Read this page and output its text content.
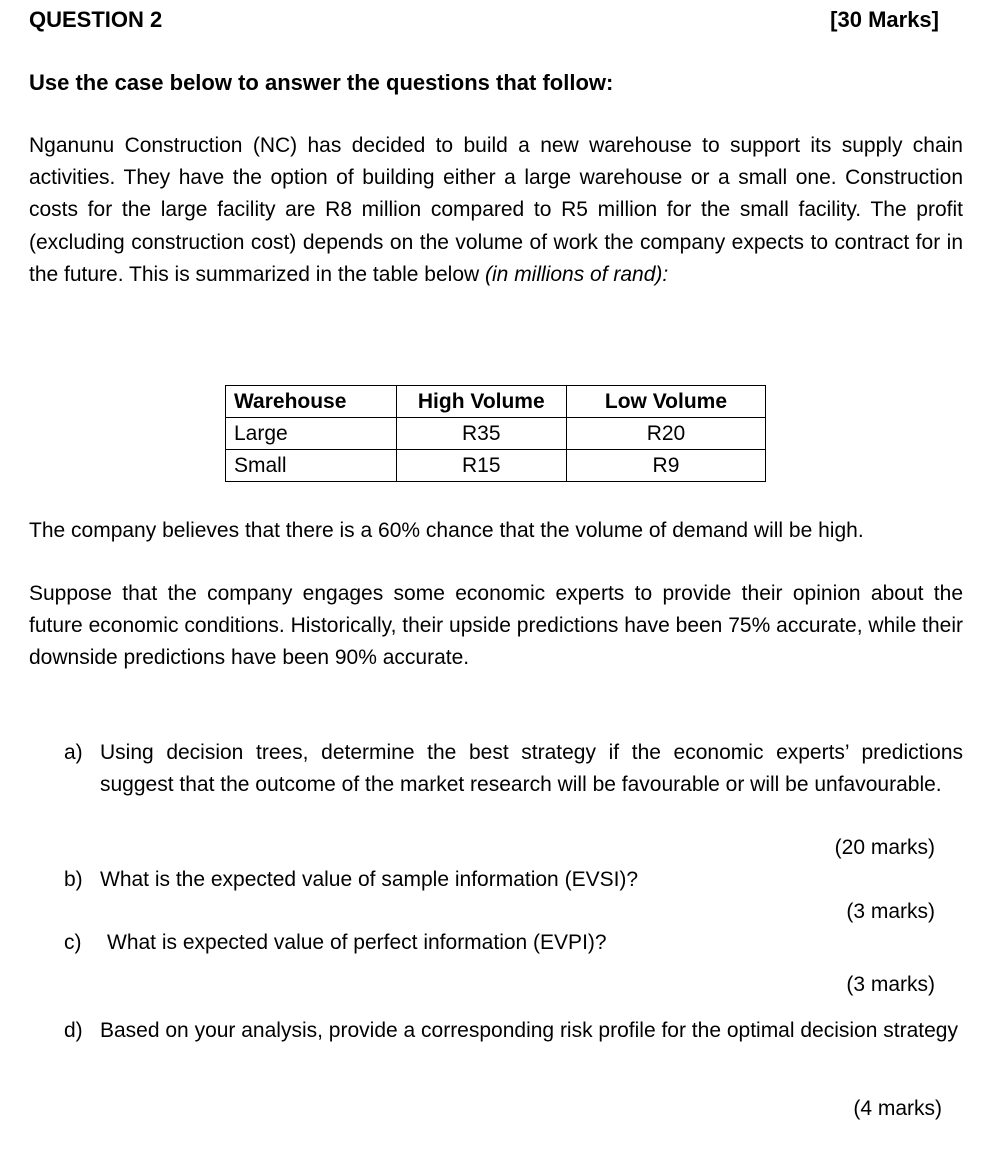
QUESTION 2	[30 Marks]
Use the case below to answer the questions that follow:
Nganunu Construction (NC) has decided to build a new warehouse to support its supply chain activities. They have the option of building either a large warehouse or a small one. Construction costs for the large facility are R8 million compared to R5 million for the small facility. The profit (excluding construction cost) depends on the volume of work the company expects to contract for in the future. This is summarized in the table below (in millions of rand):
Warehouse	High Volume	Low Volume
Large	R35	R20
Small	R15	R9
The company believes that there is a 60% chance that the volume of demand will be high.
Suppose that the company engages some economic experts to provide their opinion about the future economic conditions. Historically, their upside predictions have been 75% accurate, while their downside predictions have been 90% accurate.
a) Using decision trees, determine the best strategy if the economic experts’ predictions suggest that the outcome of the market research will be favourable or will be unfavourable.
(20 marks)
b) What is the expected value of sample information (EVSI)?
(3 marks)
c) What is expected value of perfect information (EVPI)?
(3 marks)
d) Based on your analysis, provide a corresponding risk profile for the optimal decision strategy
(4 marks)
